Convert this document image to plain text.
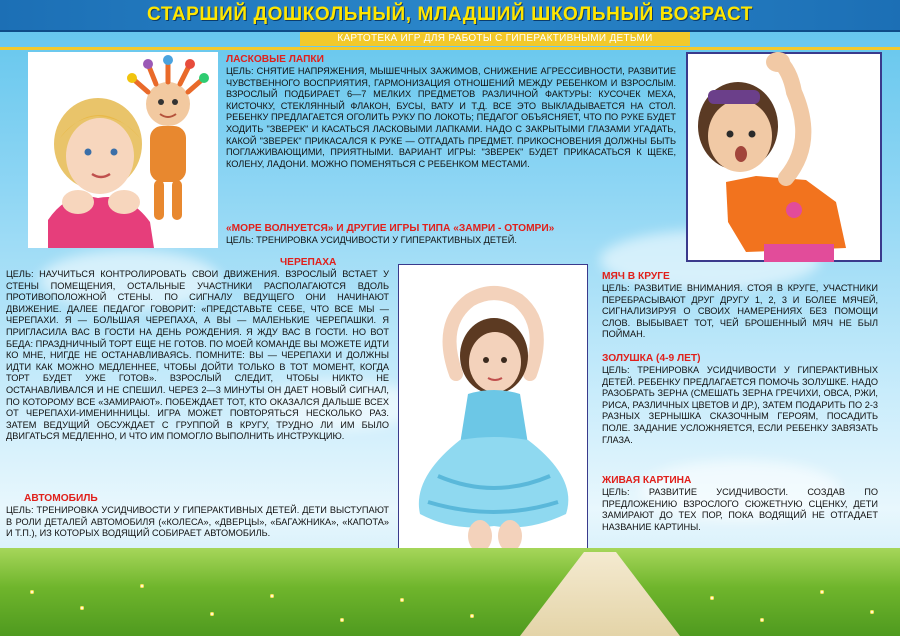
СТАРШИЙ ДОШКОЛЬНЫЙ, МЛАДШИЙ ШКОЛЬНЫЙ ВОЗРАСТ
КАРТОТЕКА ИГР ДЛЯ РАБОТЫ С ГИПЕРАКТИВНЫМИ ДЕТЬМИ
ЛАСКОВЫЕ ЛАПКИ

ЦЕЛЬ: СНЯТИЕ НАПРЯЖЕНИЯ, МЫШЕЧНЫХ ЗАЖИМОВ, СНИЖЕНИЕ АГРЕССИВНОСТИ, РАЗВИТИЕ ЧУВСТВЕННОГО ВОСПРИЯТИЯ, ГАРМОНИЗАЦИЯ ОТНОШЕНИЙ МЕЖДУ РЕБЕНКОМ И ВЗРОСЛЫМ. ВЗРОСЛЫЙ ПОДБИРАЕТ 6—7 МЕЛКИХ ПРЕДМЕТОВ РАЗЛИЧНОЙ ФАКТУРЫ: КУСОЧЕК МЕХА, КИСТОЧКУ, СТЕКЛЯННЫЙ ФЛАКОН, БУСЫ, ВАТУ И Т.Д. ВСЕ ЭТО ВЫКЛАДЫВАЕТСЯ НА СТОЛ. РЕБЕНКУ ПРЕДЛАГАЕТСЯ ОГОЛИТЬ РУКУ ПО ЛОКОТЬ; ПЕДАГОГ ОБЪЯСНЯЕТ, ЧТО ПО РУКЕ БУДЕТ ХОДИТЬ "ЗВЕРЕК" И КАСАТЬСЯ ЛАСКОВЫМИ ЛАПКАМИ. НАДО С ЗАКРЫТЫМИ ГЛАЗАМИ УГАДАТЬ, КАКОЙ "ЗВЕРЕК" ПРИКАСАЛСЯ К РУКЕ — ОТГАДАТЬ ПРЕДМЕТ. ПРИКОСНОВЕНИЯ ДОЛЖНЫ БЫТЬ ПОГЛАЖИВАЮЩИМИ, ПРИЯТНЫМИ. ВАРИАНТ ИГРЫ: "ЗВЕРЕК" БУДЕТ ПРИКАСАТЬСЯ К ЩЕКЕ, КОЛЕНУ, ЛАДОНИ. МОЖНО ПОМЕНЯТЬСЯ С РЕБЕНКОМ МЕСТАМИ.

«МОРЕ ВОЛНУЕТСЯ» И ДРУГИЕ ИГРЫ ТИПА «ЗАМРИ - ОТОМРИ»

ЦЕЛЬ: ТРЕНИРОВКА УСИДЧИВОСТИ У ГИПЕРАКТИВНЫХ ДЕТЕЙ.

ЧЕРЕПАХА

ЦЕЛЬ: НАУЧИТЬСЯ КОНТРОЛИРОВАТЬ СВОИ ДВИЖЕНИЯ. ВЗРОСЛЫЙ ВСТАЕТ У СТЕНЫ ПОМЕЩЕНИЯ, ОСТАЛЬНЫЕ УЧАСТНИКИ РАСПОЛАГАЮТСЯ ВДОЛЬ ПРОТИВОПОЛОЖНОЙ СТЕНЫ. ПО СИГНАЛУ ВЕДУЩЕГО ОНИ НАЧИНАЮТ ДВИЖЕНИЕ. ДАЛЕЕ ПЕДАГОГ ГОВОРИТ: «ПРЕДСТАВЬТЕ СЕБЕ, ЧТО ВСЕ МЫ — ЧЕРЕПАХИ. Я — БОЛЬШАЯ ЧЕРЕПАХА, А ВЫ — МАЛЕНЬКИЕ ЧЕРЕПАШКИ. Я ПРИГЛАСИЛА ВАС В ГОСТИ НА ДЕНЬ РОЖДЕНИЯ. Я ЖДУ ВАС В ГОСТИ. НО ВОТ БЕДА: ПРАЗДНИЧНЫЙ ТОРТ ЕЩЕ НЕ ГОТОВ. ПО МОЕЙ КОМАНДЕ ВЫ МОЖЕТЕ ИДТИ КО МНЕ, НИГДЕ НЕ ОСТАНАВЛИВАЯСЬ. ПОМНИТЕ: ВЫ — ЧЕРЕПАХИ И ДОЛЖНЫ ИДТИ КАК МОЖНО МЕДЛЕННЕЕ, ЧТОБЫ ДОЙТИ ТОЛЬКО В ТОТ МОМЕНТ, КОГДА ТОРТ БУДЕТ УЖЕ ГОТОВ». ВЗРОСЛЫЙ СЛЕДИТ, ЧТОБЫ НИКТО НЕ ОСТАНАВЛИВАЛСЯ И НЕ СПЕШИЛ. ЧЕРЕЗ 2—3 МИНУТЫ ОН ДАЕТ НОВЫЙ СИГНАЛ, ПО КОТОРОМУ ВСЕ «ЗАМИРАЮТ». ПОБЕЖДАЕТ ТОТ, КТО ОКАЗАЛСЯ ДАЛЬШЕ ВСЕХ ОТ ЧЕРЕПАХИ-ИМЕНИННИЦЫ. ИГРА МОЖЕТ ПОВТОРЯТЬСЯ НЕСКОЛЬКО РАЗ. ЗАТЕМ ВЕДУЩИЙ ОБСУЖДАЕТ С ГРУППОЙ В КРУГУ, ТРУДНО ЛИ ИМ БЫЛО ДВИГАТЬСЯ МЕДЛЕННО, И ЧТО ИМ ПОМОГЛО ВЫПОЛНИТЬ ИНСТРУКЦИЮ.

АВТОМОБИЛЬ

ЦЕЛЬ: ТРЕНИРОВКА УСИДЧИВОСТИ У ГИПЕРАКТИВНЫХ ДЕТЕЙ. ДЕТИ ВЫСТУПАЮТ В РОЛИ ДЕТАЛЕЙ АВТОМОБИЛЯ («КОЛЕСА», «ДВЕРЦЫ», «БАГАЖНИКА», «КАПОТА» И Т.П.), ИЗ КОТОРЫХ ВОДЯЩИЙ СОБИРАЕТ АВТОМОБИЛЬ.

МЯЧ В КРУГЕ

ЦЕЛЬ: РАЗВИТИЕ ВНИМАНИЯ. СТОЯ В КРУГЕ, УЧАСТНИКИ ПЕРЕБРАСЫВАЮТ ДРУГ ДРУГУ 1, 2, 3 И БОЛЕЕ МЯЧЕЙ, СИГНАЛИЗИРУЯ О СВОИХ НАМЕРЕНИЯХ БЕЗ ПОМОЩИ СЛОВ. ВЫБЫВАЕТ ТОТ, ЧЕЙ БРОШЕННЫЙ МЯЧ НЕ БЫЛ ПОЙМАН.

ЗОЛУШКА (4-9 ЛЕТ)

ЦЕЛЬ: ТРЕНИРОВКА УСИДЧИВОСТИ У ГИПЕРАКТИВНЫХ ДЕТЕЙ. РЕБЕНКУ ПРЕДЛАГАЕТСЯ ПОМОЧЬ ЗОЛУШКЕ. НАДО РАЗОБРАТЬ ЗЕРНА (СМЕШАТЬ ЗЕРНА ГРЕЧИХИ, ОВСА, РЖИ, РИСА, РАЗЛИЧНЫХ ЦВЕТОВ И ДР.), ЗАТЕМ ПОДАРИТЬ ПО 2-3 РАЗНЫХ ЗЕРНЫШКА СКАЗОЧНЫМ ГЕРОЯМ, ПОСАДИТЬ ПОЛЕ. ЗАДАНИЕ УСЛОЖНЯЕТСЯ, ЕСЛИ РЕБЕНКУ ЗАВЯЗАТЬ ГЛАЗА.

ЖИВАЯ КАРТИНА

ЦЕЛЬ: РАЗВИТИЕ УСИДЧИВОСТИ. СОЗДАВ ПО ПРЕДЛОЖЕНИЮ ВЗРОСЛОГО СЮЖЕТНУЮ СЦЕНКУ, ДЕТИ ЗАМИРАЮТ ДО ТЕХ ПОР, ПОКА ВОДЯЩИЙ НЕ ОТГАДАЕТ НАЗВАНИЕ КАРТИНЫ.
